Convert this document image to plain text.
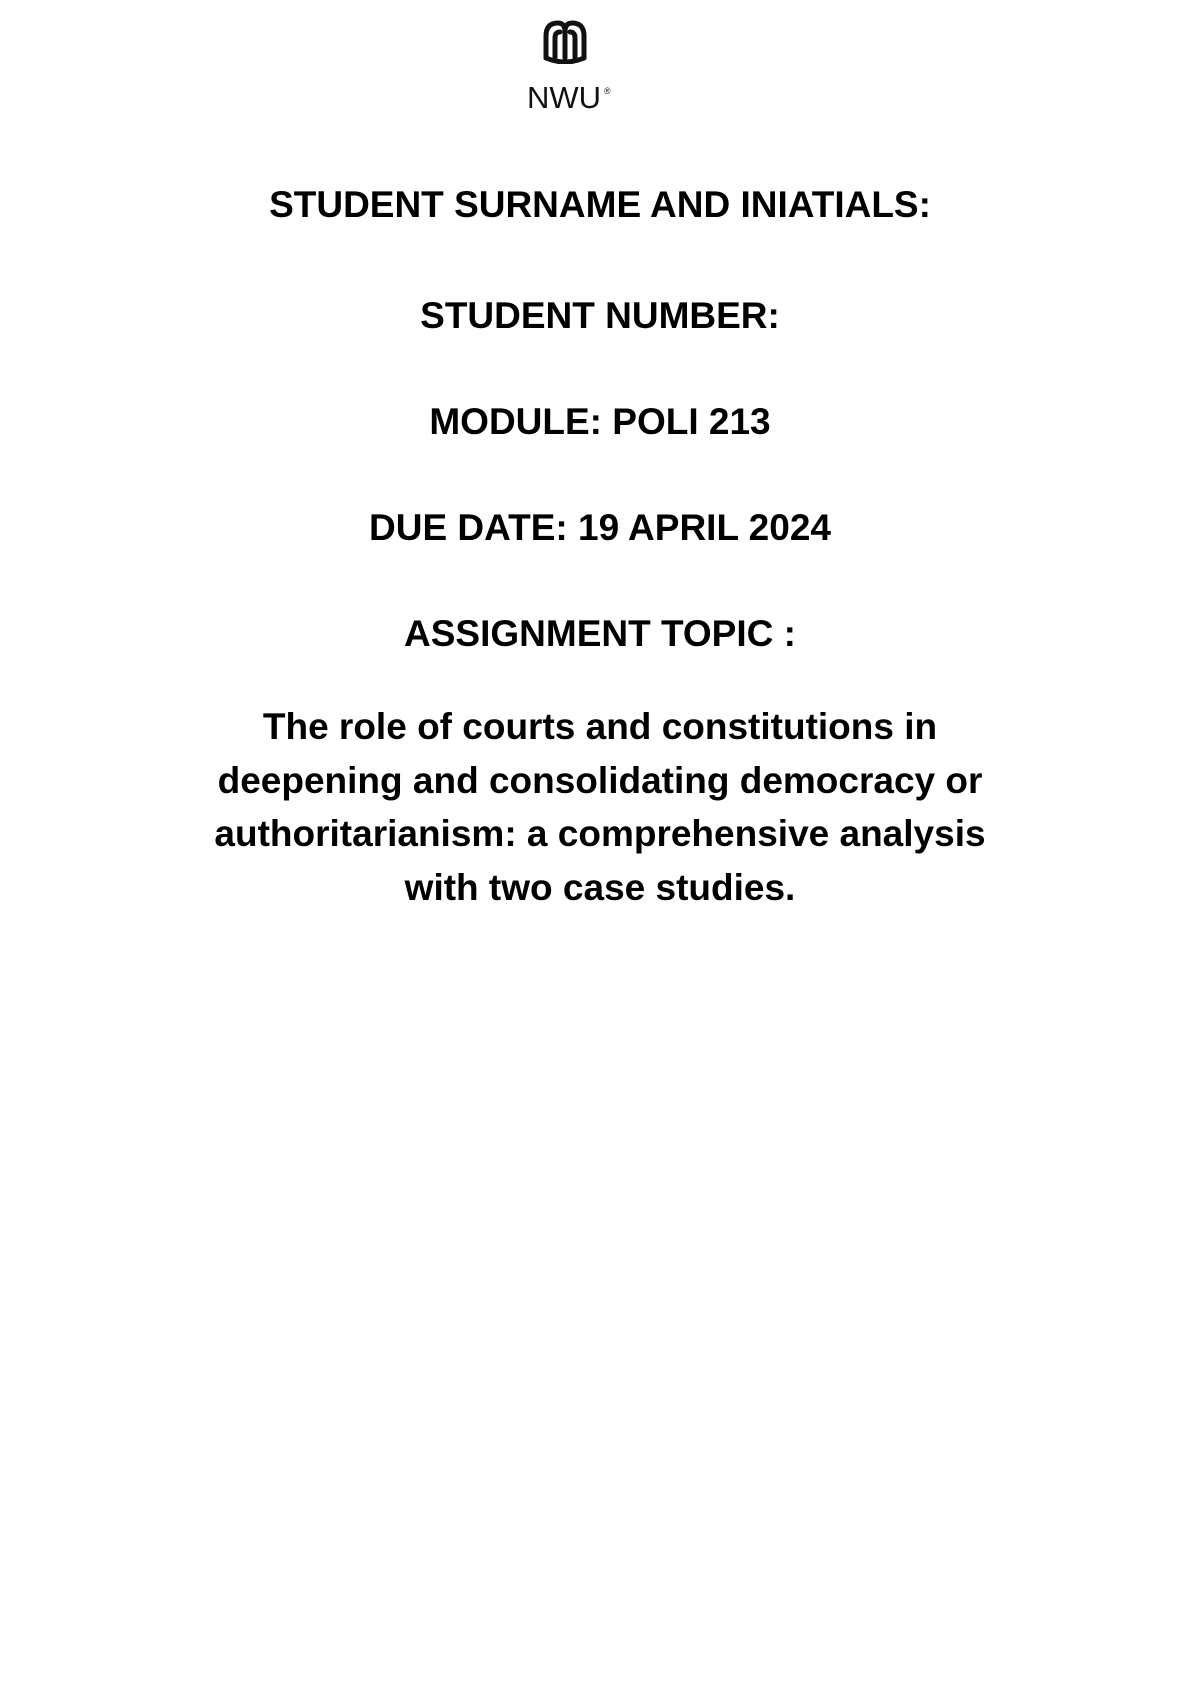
NWU ®
STUDENT SURNAME AND INIATIALS:
STUDENT NUMBER:
MODULE: POLI 213
DUE DATE: 19 APRIL 2024
ASSIGNMENT TOPIC :
The role of courts and constitutions in
deepening and consolidating democracy or
authoritarianism: a comprehensive analysis
with two case studies.
